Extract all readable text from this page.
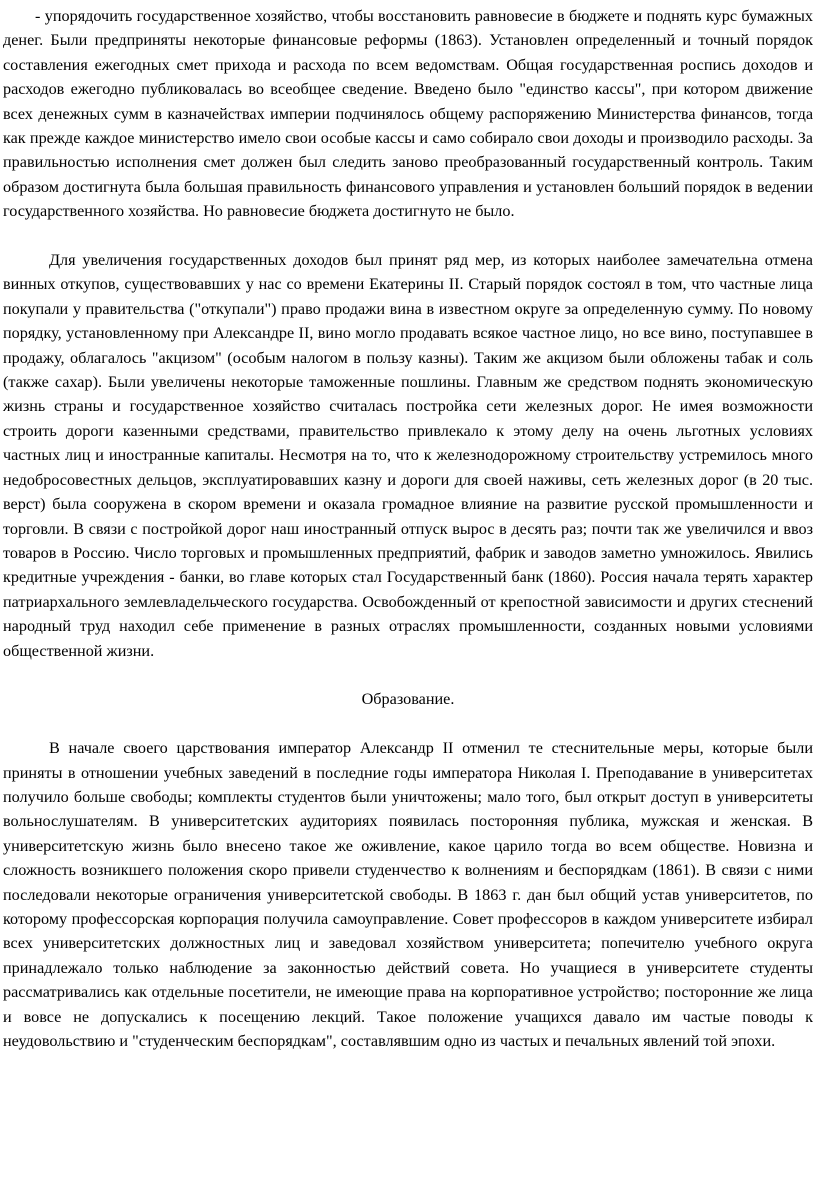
- упорядочить государственное хозяйство, чтобы восстановить равновесие в бюджете и поднять курс бумажных денег. Были предприняты некоторые финансовые реформы (1863). Установлен определенный и точный порядок составления ежегодных смет прихода и расхода по всем ведомствам. Общая государственная роспись доходов и расходов ежегодно публиковалась во всеобщее сведение. Введено было "единство кассы", при котором движение всех денежных сумм в казначействах империи подчинялось общему распоряжению Министерства финансов, тогда как прежде каждое министерство имело свои особые кассы и само собирало свои доходы и производило расходы. За правильностью исполнения смет должен был следить заново преобразованный государственный контроль. Таким образом достигнута была большая правильность финансового управления и установлен больший порядок в ведении государственного хозяйства. Но равновесие бюджета достигнуто не было.

Для увеличения государственных доходов был принят ряд мер, из которых наиболее замечательна отмена винных откупов, существовавших у нас со времени Екатерины II. Старый порядок состоял в том, что частные лица покупали у правительства ("откупали") право продажи вина в известном округе за определенную сумму. По новому порядку, установленному при Александре II, вино могло продавать всякое частное лицо, но все вино, поступавшее в продажу, облагалось "акцизом" (особым налогом в пользу казны). Таким же акцизом были обложены табак и соль (также сахар). Были увеличены некоторые таможенные пошлины. Главным же средством поднять экономическую жизнь страны и государственное хозяйство считалась постройка сети железных дорог. Не имея возможности строить дороги казенными средствами, правительство привлекало к этому делу на очень льготных условиях частных лиц и иностранные капиталы. Несмотря на то, что к железнодорожному строительству устремилось много недобросовестных дельцов, эксплуатировавших казну и дороги для своей наживы, сеть железных дорог (в 20 тыс. верст) была сооружена в скором времени и оказала громадное влияние на развитие русской промышленности и торговли. В связи с постройкой дорог наш иностранный отпуск вырос в десять раз; почти так же увеличился и ввоз товаров в Россию. Число торговых и промышленных предприятий, фабрик и заводов заметно умножилось. Явились кредитные учреждения - банки, во главе которых стал Государственный банк (1860). Россия начала терять характер патриархального землевладельческого государства. Освобожденный от крепостной зависимости и других стеснений народный труд находил себе применение в разных отраслях промышленности, созданных новыми условиями общественной жизни.

Образование.

В начале своего царствования император Александр II отменил те стеснительные меры, которые были приняты в отношении учебных заведений в последние годы императора Николая I. Преподавание в университетах получило больше свободы; комплекты студентов были уничтожены; мало того, был открыт доступ в университеты вольнослушателям. В университетских аудиториях появилась посторонняя публика, мужская и женская. В университетскую жизнь было внесено такое же оживление, какое царило тогда во всем обществе. Новизна и сложность возникшего положения скоро привели студенчество к волнениям и беспорядкам (1861). В связи с ними последовали некоторые ограничения университетской свободы. В 1863 г. дан был общий устав университетов, по которому профессорская корпорация получила самоуправление. Совет профессоров в каждом университете избирал всех университетских должностных лиц и заведовал хозяйством университета; попечителю учебного округа принадлежало только наблюдение за законностью действий совета. Но учащиеся в университете студенты рассматривались как отдельные посетители, не имеющие права на корпоративное устройство; посторонние же лица и вовсе не допускались к посещению лекций. Такое положение учащихся давало им частые поводы к неудовольствию и "студенческим беспорядкам", составлявшим одно из частых и печальных явлений той эпохи.
